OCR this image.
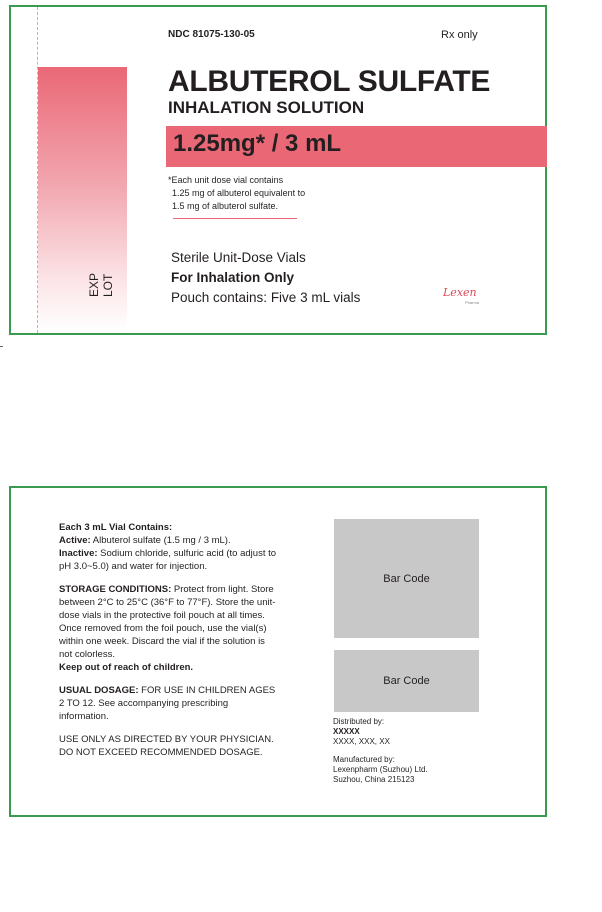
EXP LOT
NDC 81075-130-05	Rx only
ALBUTEROL SULFATE
INHALATION SOLUTION
1.25mg* / 3 mL
*Each unit dose vial contains
1.25 mg of albuterol equivalent to
1.5 mg of albuterol sulfate.
Sterile Unit-Dose Vials
For Inhalation Only
Pouch contains: Five 3 mL vials	Lexen
Pharma

Each 3 mL Vial Contains:
Active: Albuterol sulfate (1.5 mg / 3 mL).
Inactive: Sodium chloride, sulfuric acid (to adjust to pH 3.0~5.0) and water for injection.

STORAGE CONDITIONS: Protect from light. Store between 2°C to 25°C (36°F to 77°F). Store the unit-dose vials in the protective foil pouch at all times. Once removed from the foil pouch, use the vial(s) within one week. Discard the vial if the solution is not colorless.
Keep out of reach of children.

USUAL DOSAGE: FOR USE IN CHILDREN AGES 2 TO 12. See accompanying prescribing information.

USE ONLY AS DIRECTED BY YOUR PHYSICIAN.
DO NOT EXCEED RECOMMENDED DOSAGE.

Bar Code
Bar Code
Distributed by:
XXXXX
XXXX, XXX, XX
Manufactured by:
Lexenpharm (Suzhou) Ltd.
Suzhou, China 215123
